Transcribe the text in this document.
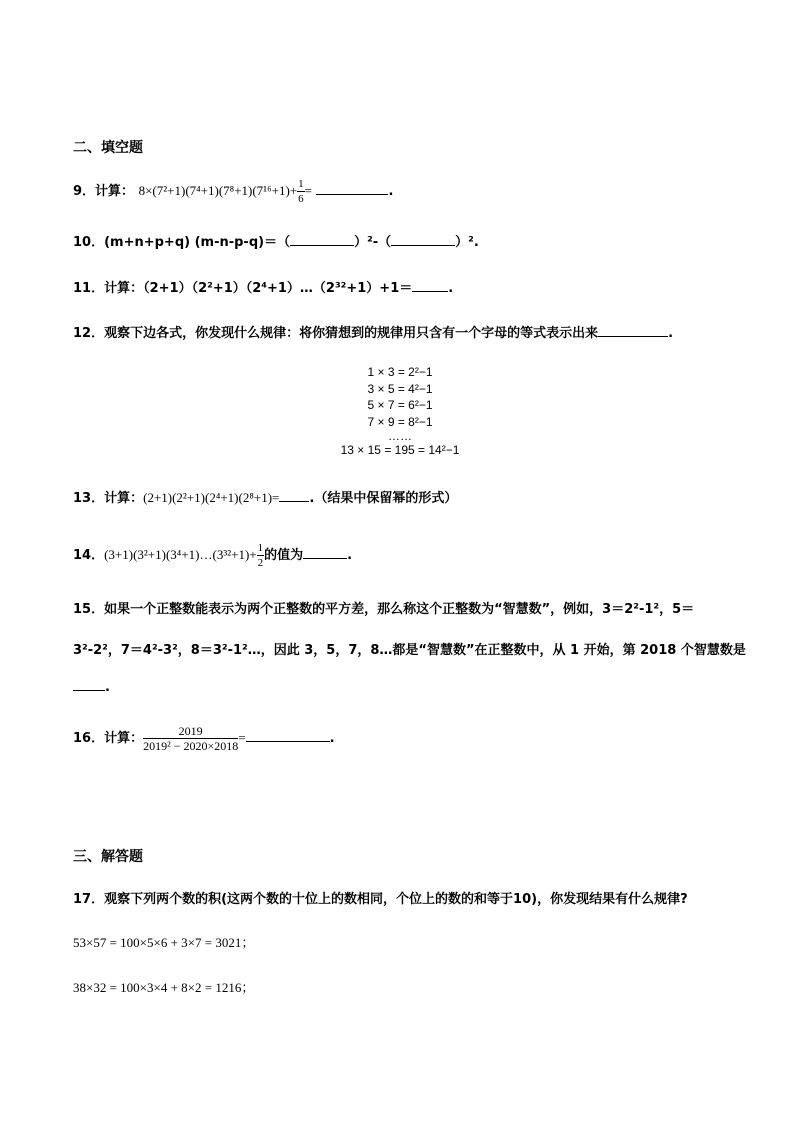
二、填空题
9．计算： $8\times(7^2+1)(7^4+1)(7^8+1)(7^{16}+1)+ \frac{1}{6}$ =	.
10．(m+n+p+q) (m-n-p-q)＝（	）²-（	）².
11．计算：（2+1）（2²+1）（2⁴+1）…（2³²+1）+1＝	.
12．观察下边各式，你发现什么规律：将你猜想到的规律用只含有一个字母的等式表示出来	.
1 × 3 = 2²−1
3 × 5 = 4²−1
5 × 7 = 6²−1
7 × 9 = 8²−1
……
13 × 15 = 195 = 14²−1
13．计算：(2+1)(2²+1)(2⁴+1)(2⁸+1)= .（结果中保留幂的形式）
14．(3+1)(3²+1)(3⁴+1)…(3³²+1)+ $\frac{1}{2}$ 的值为	.
15．如果一个正整数能表示为两个正整数的平方差，那么称这个正整数为“智慧数”，例如，3＝2²-1²，5＝
3²-2²，7＝4²-3²，8＝3²-1²…，因此 3，5，7，8…都是“智慧数”在正整数中，从 1 开始，第 2018 个智慧数是
.
16．计算： $\frac{2019}{\text{2019² − 2020×2018}}$ =	.
三、解答题
17．观察下列两个数的积(这两个数的十位上的数相同，个位上的数的和等于10)，你发现结果有什么规律?
53×57 = 100×5×6 + 3×7 = 3021；
38×32 = 100×3×4 + 8×2 = 1216；
